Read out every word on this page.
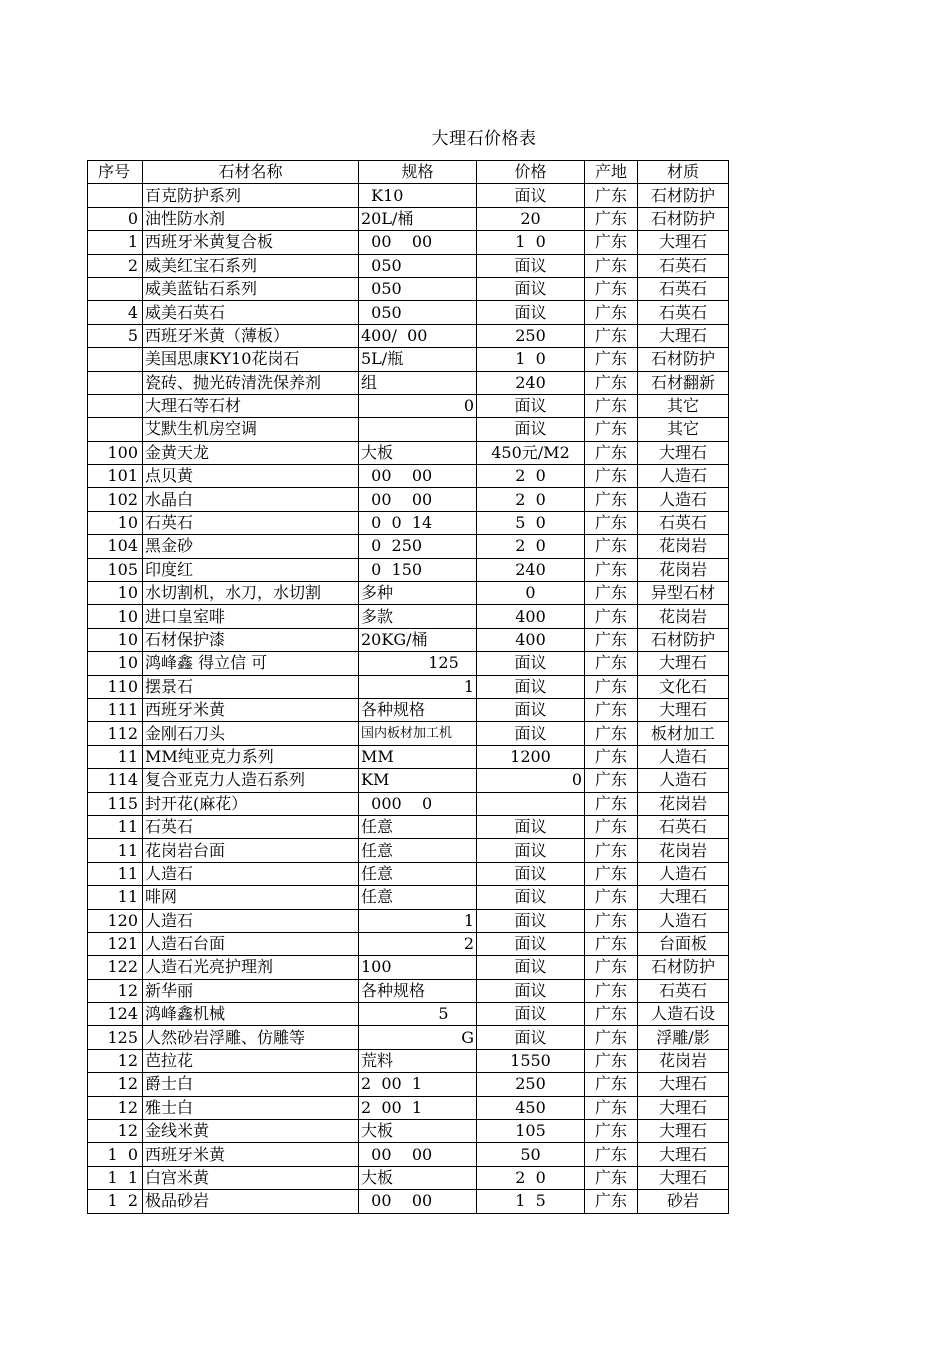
大理石价格表
序号	石材名称	规格	价格	产地	材质
	百克防护系列	K10	面议	广东	石材防护
0	油性防水剂	20L/桶	20	广东	石材防护
1	西班牙米黄复合板	00    00	1  0	广东	大理石
2	威美红宝石系列	050	面议	广东	石英石
	威美蓝钻石系列	050	面议	广东	石英石
4	威美石英石	050	面议	广东	石英石
5	西班牙米黄（薄板）	400/  00	250	广东	大理石
	美国思康KY10花岗石	5L/瓶	1  0	广东	石材防护
	瓷砖、抛光砖清洗保养剂	组	240	广东	石材翻新
	大理石等石材	0	面议	广东	其它
	艾默生机房空调		面议	广东	其它
100	金黄天龙	大板	450元/M2	广东	大理石
101	点贝黄	00    00	2  0	广东	人造石
102	水晶白	00    00	2  0	广东	人造石
10	石英石	0  0  14	5  0	广东	石英石
104	黑金砂	0  250	2  0	广东	花岗岩
105	印度红	0  150	240	广东	花岗岩
10	水切割机，水刀，水切割	多种	0	广东	异型石材
10	进口皇室啡	多款	400	广东	花岗岩
10	石材保护漆	20KG/桶	400	广东	石材防护
10	鸿峰鑫 得立信 可	125	面议	广东	大理石
110	摆景石	1	面议	广东	文化石
111	西班牙米黄	各种规格	面议	广东	大理石
112	金刚石刀头	国内板材加工机	面议	广东	板材加工
11	MM纯亚克力系列	MM	1200	广东	人造石
114	复合亚克力人造石系列	KM	0	广东	人造石
115	封开花(麻花）	000    0		广东	花岗岩
11	石英石	任意	面议	广东	石英石
11	花岗岩台面	任意	面议	广东	花岗岩
11	人造石	任意	面议	广东	人造石
11	啡网	任意	面议	广东	大理石
120	人造石	1	面议	广东	人造石
121	人造石台面	2	面议	广东	台面板
122	人造石光亮护理剂	100	面议	广东	石材防护
12	新华丽	各种规格	面议	广东	石英石
124	鸿峰鑫机械	5	面议	广东	人造石设
125	人然砂岩浮雕、仿雕等	G	面议	广东	浮雕/影
12	芭拉花	荒料	1550	广东	花岗岩
12	爵士白	2  00  1	250	广东	大理石
12	雅士白	2  00  1	450	广东	大理石
12	金线米黄	大板	105	广东	大理石
1  0	西班牙米黄	00    00	50	广东	大理石
1  1	白宫米黄	大板	2  0	广东	大理石
1  2	极品砂岩	00    00	1  5	广东	砂岩
